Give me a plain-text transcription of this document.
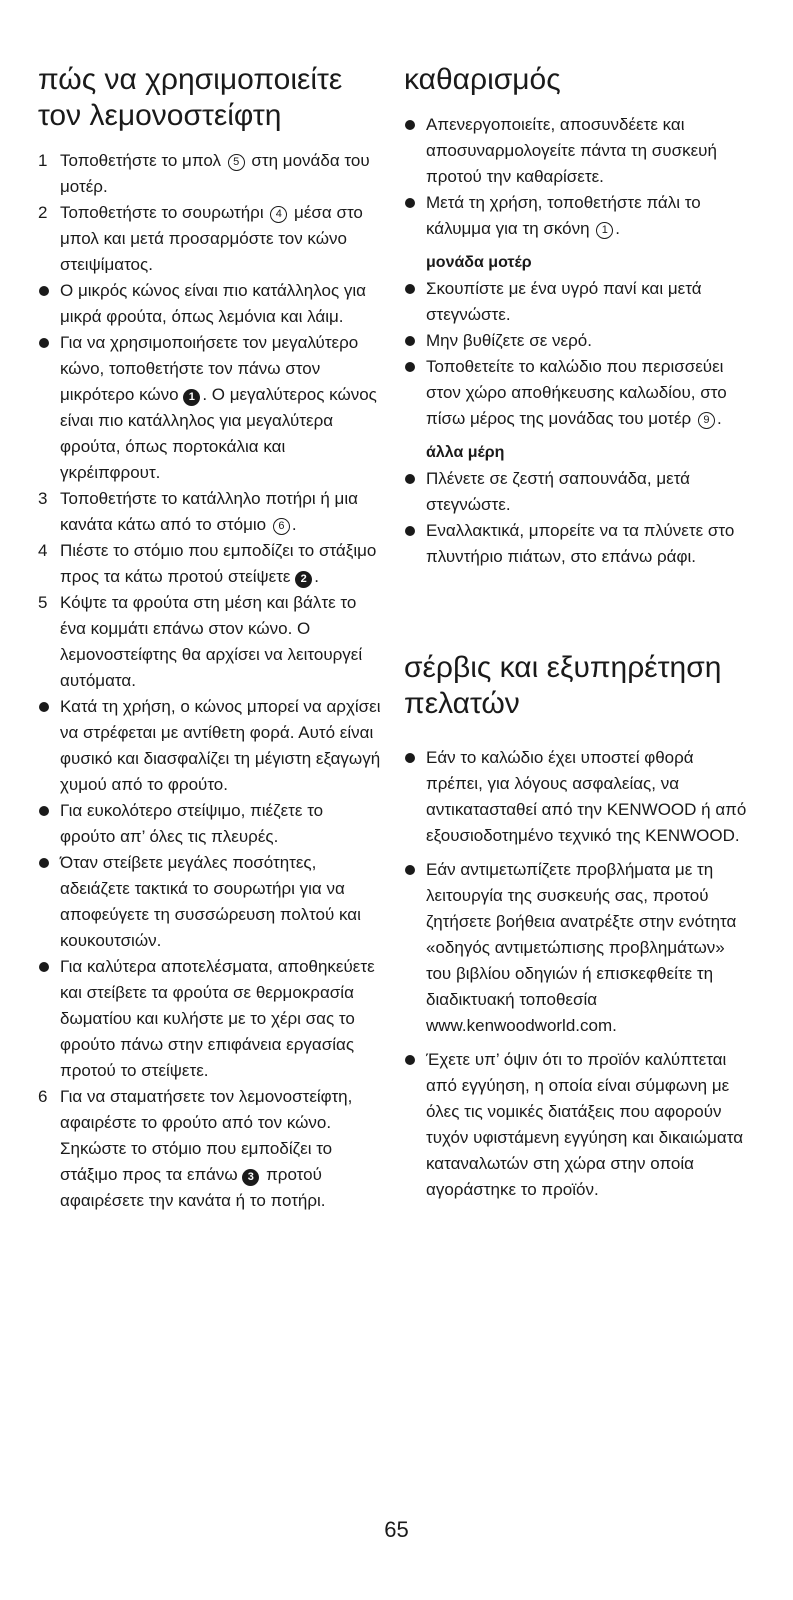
πώς να χρησιμοποιείτε τον λεμονοστείφτη
1 Τοποθετήστε το μπολ 5 στη μονάδα του μοτέρ.
2 Τοποθετήστε το σουρωτήρι 4 μέσα στο μπολ και μετά προσαρμόστε τον κώνο στειψίματος.
Ο μικρός κώνος είναι πιο κατάλληλος για μικρά φρούτα, όπως λεμόνια και λάιμ.
Για να χρησιμοποιήσετε τον μεγαλύτερο κώνο, τοποθετήστε τον πάνω στον μικρότερο κώνο 1 . Ο μεγαλύτερος κώνος είναι πιο κατάλληλος για μεγαλύτερα φρούτα, όπως πορτοκάλια και γκρέιπφρουτ.
3 Τοποθετήστε το κατάλληλο ποτήρι ή μια κανάτα κάτω από το στόμιο 6 .
4 Πιέστε το στόμιο που εμποδίζει το στάξιμο προς τα κάτω προτού στείψετε 2 .
5 Κόψτε τα φρούτα στη μέση και βάλτε το ένα κομμάτι επάνω στον κώνο. Ο λεμονοστείφτης θα αρχίσει να λειτουργεί αυτόματα.
Κατά τη χρήση, ο κώνος μπορεί να αρχίσει να στρέφεται με αντίθετη φορά. Αυτό είναι φυσικό και διασφαλίζει τη μέγιστη εξαγωγή χυμού από το φρούτο.
Για ευκολότερο στείψιμο, πιέζετε το φρούτο απ’ όλες τις πλευρές.
Όταν στείβετε μεγάλες ποσότητες, αδειάζετε τακτικά το σουρωτήρι για να αποφεύγετε τη συσσώρευση πολτού και κουκουτσιών.
Για καλύτερα αποτελέσματα, αποθηκεύετε και στείβετε τα φρούτα σε θερμοκρασία δωματίου και κυλήστε με το χέρι σας το φρούτο πάνω στην επιφάνεια εργασίας προτού το στείψετε.
6 Για να σταματήσετε τον λεμονοστείφτη, αφαιρέστε το φρούτο από τον κώνο. Σηκώστε το στόμιο που εμποδίζει το στάξιμο προς τα επάνω 3 προτού αφαιρέσετε την κανάτα ή το ποτήρι.
καθαρισμός
Απενεργοποιείτε, αποσυνδέετε και αποσυναρμολογείτε πάντα τη συσκευή προτού την καθαρίσετε.
Μετά τη χρήση, τοποθετήστε πάλι το κάλυμμα για τη σκόνη 1 .
μονάδα μοτέρ
Σκουπίστε με ένα υγρό πανί και μετά στεγνώστε.
Μην βυθίζετε σε νερό.
Τοποθετείτε το καλώδιο που περισσεύει στον χώρο αποθήκευσης καλωδίου, στο πίσω μέρος της μονάδας του μοτέρ 9 .
άλλα μέρη
Πλένετε σε ζεστή σαπουνάδα, μετά στεγνώστε.
Εναλλακτικά, μπορείτε να τα πλύνετε στο πλυντήριο πιάτων, στο επάνω ράφι.
σέρβις και εξυπηρέτηση πελατών
Εάν το καλώδιο έχει υποστεί φθορά πρέπει, για λόγους ασφαλείας, να αντικατασταθεί από την KENWOOD ή από εξουσιοδοτημένο τεχνικό της KENWOOD.
Εάν αντιμετωπίζετε προβλήματα με τη λειτουργία της συσκευής σας, προτού ζητήσετε βοήθεια ανατρέξτε στην ενότητα «οδηγός αντιμετώπισης προβλημάτων» του βιβλίου οδηγιών ή επισκεφθείτε τη διαδικτυακή τοποθεσία www.kenwoodworld.com.
Έχετε υπ’ όψιν ότι το προϊόν καλύπτεται από εγγύηση, η οποία είναι σύμφωνη με όλες τις νομικές διατάξεις που αφορούν τυχόν υφιστάμενη εγγύηση και δικαιώματα καταναλωτών στη χώρα στην οποία αγοράστηκε το προϊόν.
65
